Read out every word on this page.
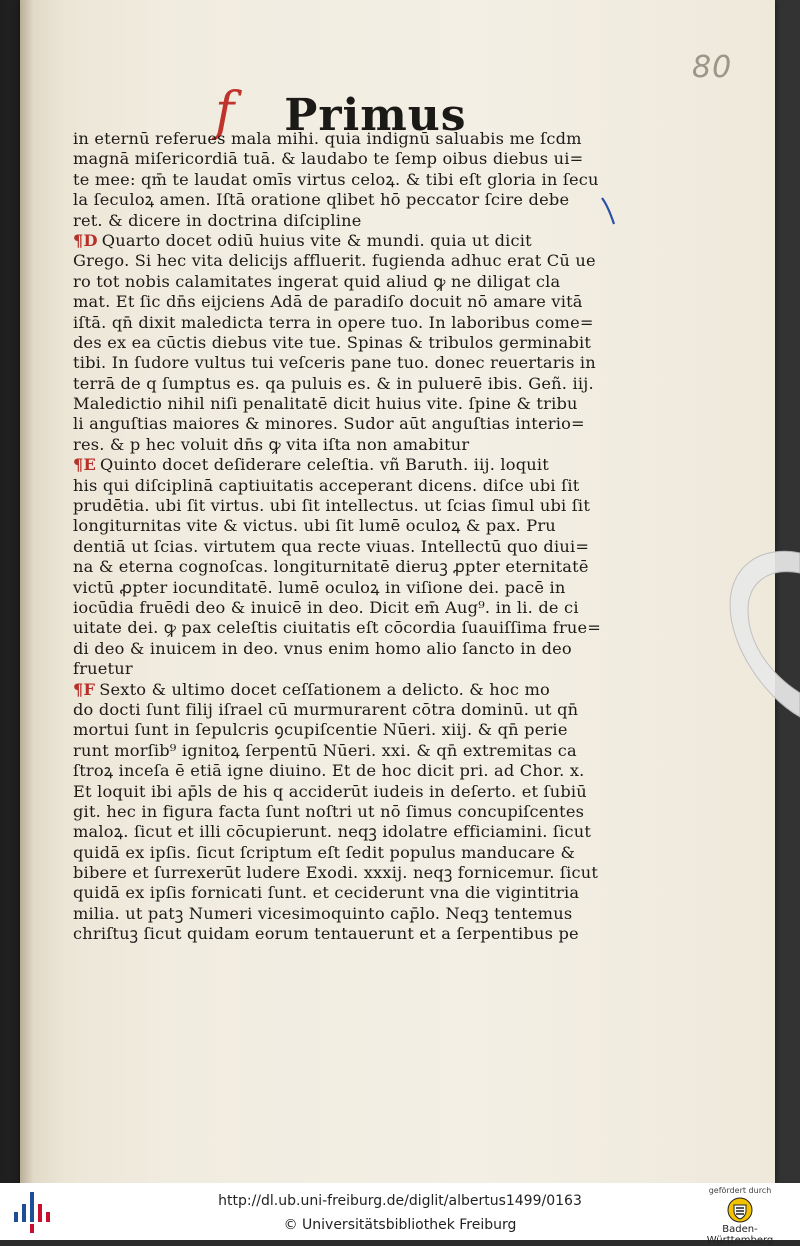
80
f Primus
in eternū referues mala mihi. quia indignū saluabis me ſcdm
magnā miſericordiā tuā. & laudabo te ſemp oibus diebus ui=
te mee: qm̄ te laudat omīs virtus celoꝝ. & tibi eſt gloria in ſecu
la ſeculoꝝ amen. Iſtā oratione qlibet hō peccator ſcire debe
ret. & dicere in doctrina diſcipline
¶D Quarto docet odiū huius vite & mundi. quia ut dicit
Grego. Si hec vita delicijs affluerit. fugienda adhuc erat Cū ue
ro tot nobis calamitates ingerat quid aliud ꝙ ne diligat cla
mat. Et ſic dn̄s eijciens Adā de paradiſo docuit nō amare vitā
iſtā. qn̄ dixit maledicta terra in opere tuo. In laboribus come=
des ex ea cūctis diebus vite tue. Spinas & tribulos germinabit
tibi. In ſudore vultus tui veſceris pane tuo. donec reuertaris in
terrā de q ſumptus es. qa puluis es. & in puluerē ibis. Geñ. iij.
Maledictio nihil niſi penalitatē dicit huius vite. ſpine & tribu
li anguſtias maiores & minores. Sudor aūt anguſtias interio=
res. & p hec voluit dn̄s ꝙ vita iſta non amabitur
¶E Quinto docet deſiderare celeſtia. vñ Baruth. iij. loquit
his qui diſciplinā captiuitatis acceperant dicens. diſce ubi ſit
prudētia. ubi ſit virtus. ubi ſit intellectus. ut ſcias ſimul ubi ſit
longiturnitas vite & victus. ubi ſit lumē oculoꝝ & pax. Pru
dentiā ut ſcias. virtutem qua recte viuas. Intellectū quo diui=
na & eterna cognoſcas. longiturnitatē dieruꝫ ꝓpter eternitatē
victū ꝓpter iocunditatē. lumē oculoꝝ in viſione dei. pacē in
iocūdia fruēdi deo & inuicē in deo. Dicit em̄ Aug⁹. in li. de ci
uitate dei. ꝙ pax celeſtis ciuitatis eſt cōcordia ſuauiſſima frue=
di deo & inuicem in deo. vnus enim homo alio ſancto in deo
fruetur
¶F Sexto & ultimo docet ceſſationem a delicto. & hoc mo
do docti ſunt filij iſrael cū murmurarent cōtra dominū. ut qn̄
mortui ſunt in ſepulcris ꝯcupiſcentie Nūeri. xiij. & qn̄ perie
runt morſib⁹ ignitoꝝ ſerpentū Nūeri. xxi. & qn̄ extremitas ca
ſtroꝝ inceſa ē etiā igne diuino. Et de hoc dicit pri. ad Chor. x.
Et loquit ibi ap̄ls de his q acciderūt iudeis in deſerto. et ſubiū
git. hec in figura facta ſunt noſtri ut nō ſimus concupiſcentes
maloꝝ. ſicut et illi cōcupierunt. neqꝫ idolatre efficiamini. ſicut
quidā ex ipſis. ſicut ſcriptum eſt ſedit populus manducare &
bibere et ſurrexerūt ludere Exodi. xxxij. neqꝫ fornicemur. ſicut
quidā ex ipſis fornicati ſunt. et ceciderunt vna die vigintitria
milia. ut patꝫ Numeri vicesimoquinto cap̄lo. Neqꝫ tentemus
chriſtuꝫ ſicut quidam eorum tentauerunt et a ſerpentibus pe
http://dl.ub.uni-freiburg.de/diglit/albertus1499/0163
© Universitätsbibliothek Freiburg
gefördert durch
Baden-Württemberg
